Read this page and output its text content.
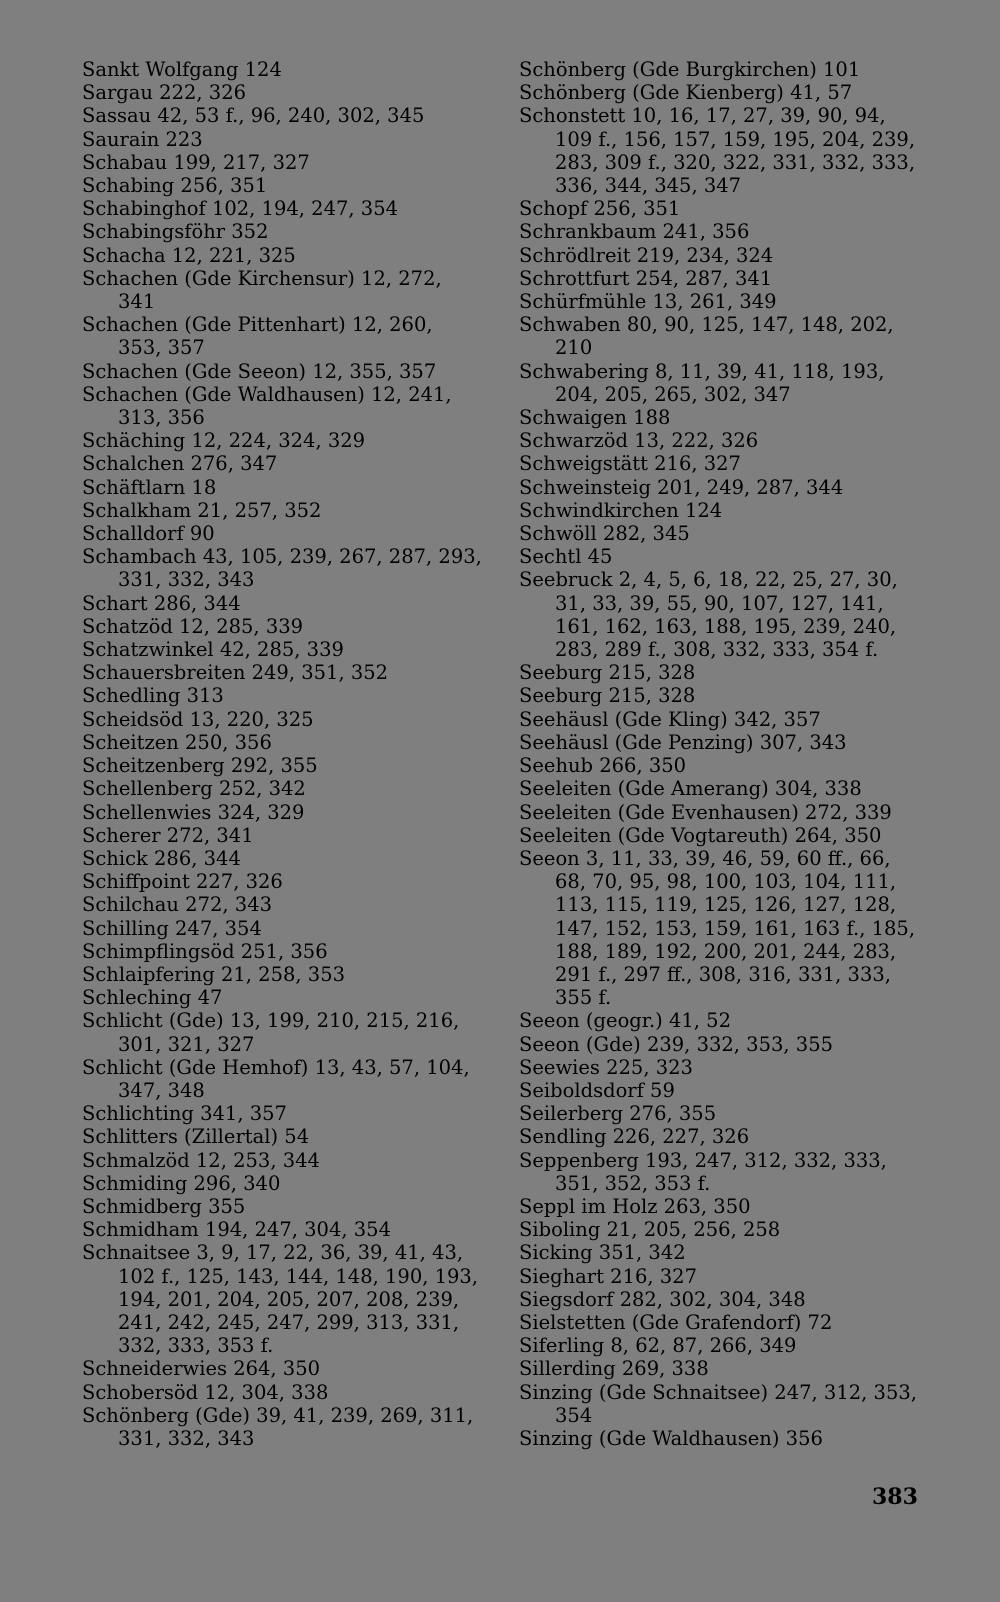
Sankt Wolfgang 124
Sargau 222, 326
Sassau 42, 53 f., 96, 240, 302, 345
Saurain 223
Schabau 199, 217, 327
Schabing 256, 351
Schabinghof 102, 194, 247, 354
Schabingsföhr 352
Schacha 12, 221, 325
Schachen (Gde Kirchensur) 12, 272, 341
Schachen (Gde Pittenhart) 12, 260, 353, 357
Schachen (Gde Seeon) 12, 355, 357
Schachen (Gde Waldhausen) 12, 241, 313, 356
Schäching 12, 224, 324, 329
Schalchen 276, 347
Schäftlarn 18
Schalkham 21, 257, 352
Schalldorf 90
Schambach 43, 105, 239, 267, 287, 293, 331, 332, 343
Schart 286, 344
Schatzöd 12, 285, 339
Schatzwinkel 42, 285, 339
Schauersbreiten 249, 351, 352
Schedling 313
Scheidsöd 13, 220, 325
Scheitzen 250, 356
Scheitzenberg 292, 355
Schellenberg 252, 342
Schellenwies 324, 329
Scherer 272, 341
Schick 286, 344
Schiffpoint 227, 326
Schilchau 272, 343
Schilling 247, 354
Schimpflingsöd 251, 356
Schlaipfering 21, 258, 353
Schleching 47
Schlicht (Gde) 13, 199, 210, 215, 216, 301, 321, 327
Schlicht (Gde Hemhof) 13, 43, 57, 104, 347, 348
Schlichting 341, 357
Schlitters (Zillertal) 54
Schmalzöd 12, 253, 344
Schmiding 296, 340
Schmidberg 355
Schmidham 194, 247, 304, 354
Schnaitsee 3, 9, 17, 22, 36, 39, 41, 43, 102 f., 125, 143, 144, 148, 190, 193, 194, 201, 204, 205, 207, 208, 239, 241, 242, 245, 247, 299, 313, 331, 332, 333, 353 f.
Schneiderwies 264, 350
Schobersöd 12, 304, 338
Schönberg (Gde) 39, 41, 239, 269, 311, 331, 332, 343
Schönberg (Gde Burgkirchen) 101
Schönberg (Gde Kienberg) 41, 57
Schonstett 10, 16, 17, 27, 39, 90, 94, 109 f., 156, 157, 159, 195, 204, 239, 283, 309 f., 320, 322, 331, 332, 333, 336, 344, 345, 347
Schopf 256, 351
Schrankbaum 241, 356
Schrödlreit 219, 234, 324
Schrottfurt 254, 287, 341
Schürfmühle 13, 261, 349
Schwaben 80, 90, 125, 147, 148, 202, 210
Schwabering 8, 11, 39, 41, 118, 193, 204, 205, 265, 302, 347
Schwaigen 188
Schwarzöd 13, 222, 326
Schweigstätt 216, 327
Schweinsteig 201, 249, 287, 344
Schwindkirchen 124
Schwöll 282, 345
Sechtl 45
Seebruck 2, 4, 5, 6, 18, 22, 25, 27, 30, 31, 33, 39, 55, 90, 107, 127, 141, 161, 162, 163, 188, 195, 239, 240, 283, 289 f., 308, 332, 333, 354 f.
Seeburg 215, 328
Seeburg 215, 328
Seehäusl (Gde Kling) 342, 357
Seehäusl (Gde Penzing) 307, 343
Seehub 266, 350
Seeleiten (Gde Amerang) 304, 338
Seeleiten (Gde Evenhausen) 272, 339
Seeleiten (Gde Vogtareuth) 264, 350
Seeon 3, 11, 33, 39, 46, 59, 60 ff., 66, 68, 70, 95, 98, 100, 103, 104, 111, 113, 115, 119, 125, 126, 127, 128, 147, 152, 153, 159, 161, 163 f., 185, 188, 189, 192, 200, 201, 244, 283, 291 f., 297 ff., 308, 316, 331, 333, 355 f.
Seeon (geogr.) 41, 52
Seeon (Gde) 239, 332, 353, 355
Seewies 225, 323
Seiboldsdorf 59
Seilerberg 276, 355
Sendling 226, 227, 326
Seppenberg 193, 247, 312, 332, 333, 351, 352, 353 f.
Seppl im Holz 263, 350
Siboling 21, 205, 256, 258
Sicking 351, 342
Sieghart 216, 327
Siegsdorf 282, 302, 304, 348
Sielstetten (Gde Grafendorf) 72
Siferling 8, 62, 87, 266, 349
Sillerding 269, 338
Sinzing (Gde Schnaitsee) 247, 312, 353, 354
Sinzing (Gde Waldhausen) 356
383
